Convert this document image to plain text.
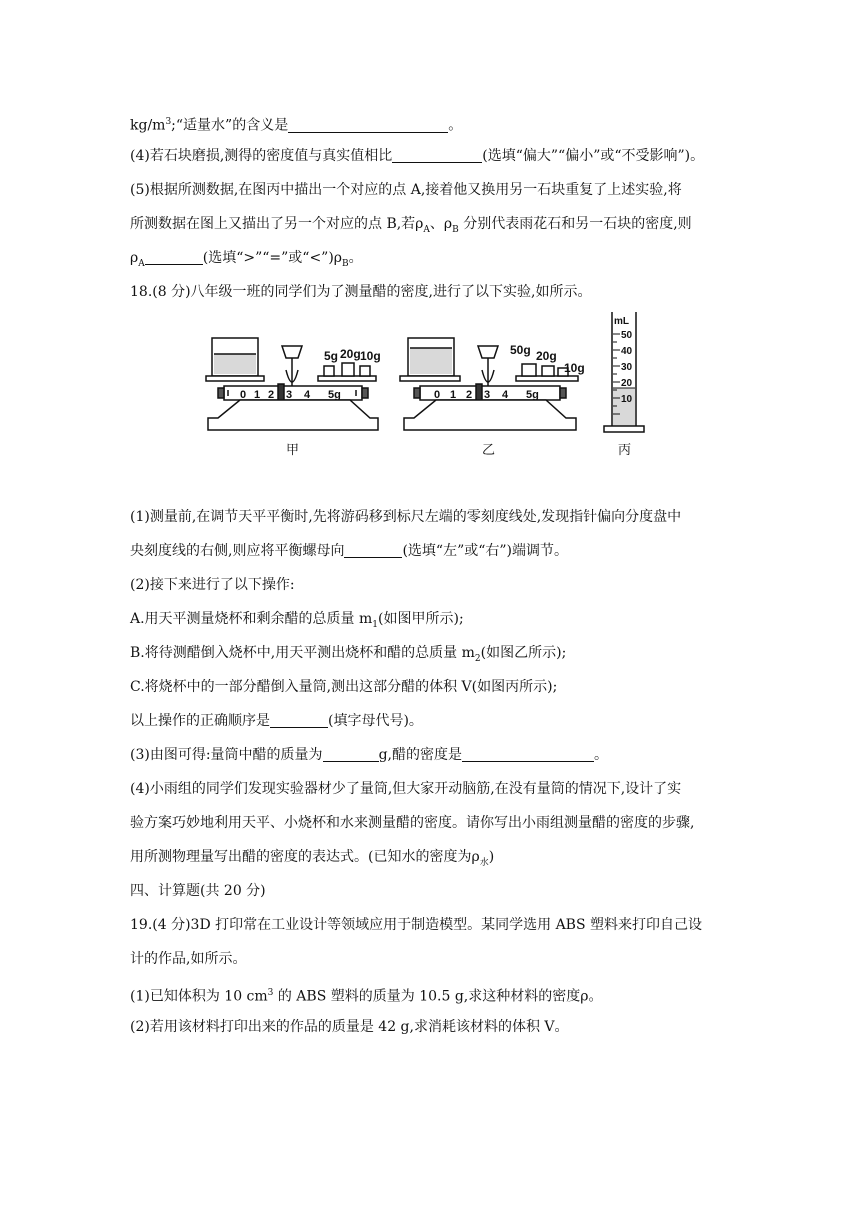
$kg/m^3;“$适量水”的含义是	。
(4)若石块磨损,测得的密度值与真实值相比	(选填“偏大”“偏小”或“不受影响”)。
(5)根据所测数据,在图丙中描出一个对应的点 A,接着他又换用另一石块重复了上述实验,将
所测数据在图上又描出了另一个对应的点 B,若$\rho_A$、$\rho_B$ 分别代表雨花石和另一石块的密度,则
$\rho_A$	(选填“>”“=”或“$<”)\rho_B$。
18.(8 分)八年级一班的同学们为了测量醋的密度,进行了以下实验,如所示。
5g 20g 10g
0 1 2 3 4 5g
甲
50g 20g
10g
0 1 2 3 4 5g
乙
mL
50
40
30
20
10
丙
(1)测量前,在调节天平平衡时,先将游码移到标尺左端的零刻度线处,发现指针偏向分度盘中
央刻度线的右侧,则应将平衡螺母向	(选填“左”或“右”)端调节。
(2)接下来进行了以下操作:
A.用天平测量烧杯和剩余醋的总质量 $m_1$(如图甲所示);
B.将待测醋倒入烧杯中,用天平测出烧杯和醋的总质量 $m_2$(如图乙所示);
C.将烧杯中的一部分醋倒入量筒,测出这部分醋的体积 V(如图丙所示);
以上操作的正确顺序是	(填字母代号)。
(3)由图可得:量筒中醋的质量为	g,醋的密度是	。
(4)小雨组的同学们发现实验器材少了量筒,但大家开动脑筋,在没有量筒的情况下,设计了实
验方案巧妙地利用天平、小烧杯和水来测量醋的密度。请你写出小雨组测量醋的密度的步骤,
用所测物理量写出醋的密度的表达式。(已知水的密度为$\rho_水$)
四、计算题(共 20 分)
19.(4 分)3D 打印常在工业设计等领域应用于制造模型。某同学选用 ABS 塑料来打印自己设
计的作品,如所示。
(1)已知体积为 10 $cm^3$ 的 ABS 塑料的质量为 10.5 g,求这种材料的密度ρ。
(2)若用该材料打印出来的作品的质量是 42 g,求消耗该材料的体积 V。
